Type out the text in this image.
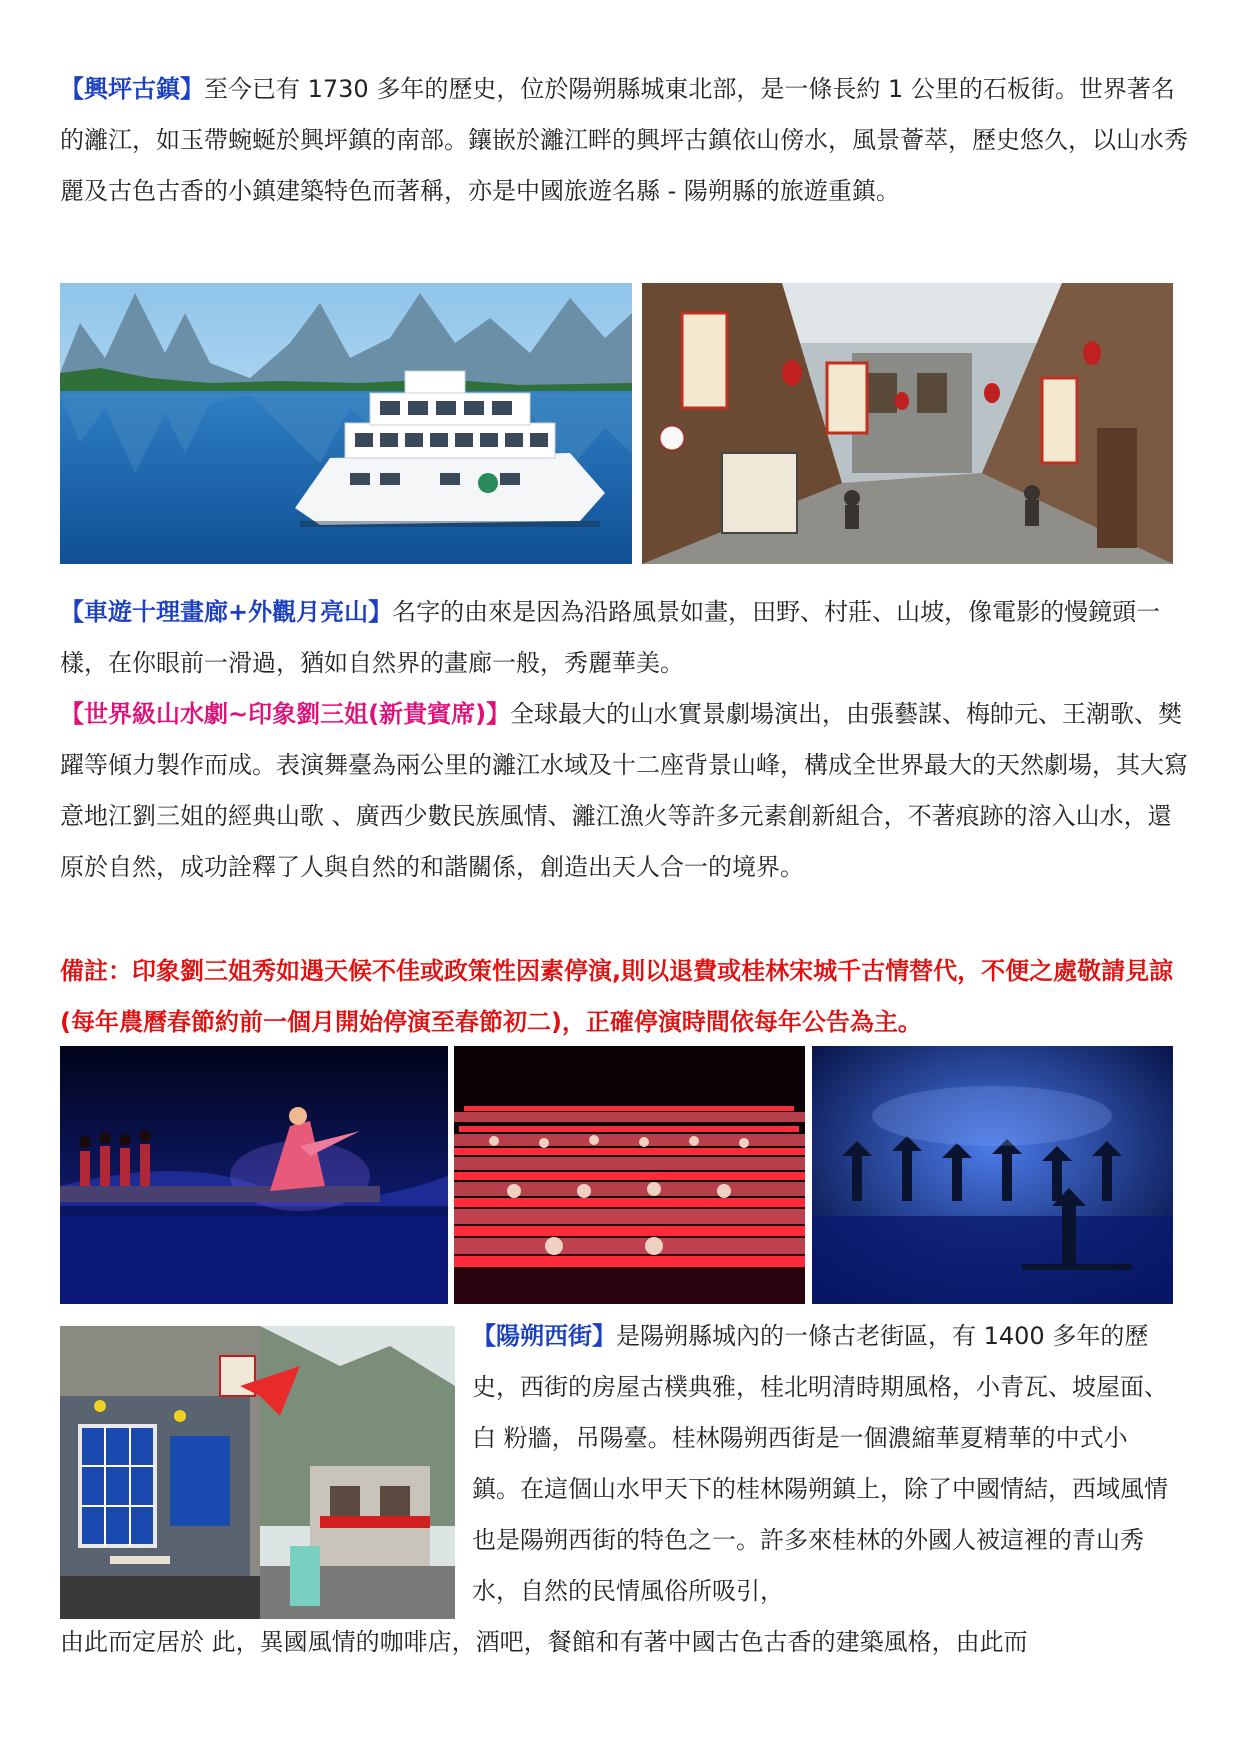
【興坪古鎮】至今已有 1730 多年的歷史，位於陽朔縣城東北部，是一條長約 1 公里的石板街。世界著名的灕江，如玉帶蜿蜒於興坪鎮的南部。鑲嵌於灕江畔的興坪古鎮依山傍水，風景薈萃，歷史悠久，以山水秀麗及古色古香的小鎮建築特色而著稱，亦是中國旅遊名縣 - 陽朔縣的旅遊重鎮。

【車遊十理畫廊+外觀月亮山】名字的由來是因為沿路風景如畫，田野、村莊、山坡，像電影的慢鏡頭一樣，在你眼前一滑過，猶如自然界的畫廊一般，秀麗華美。

【世界級山水劇~印象劉三姐(新貴賓席)】全球最大的山水實景劇場演出，由張藝謀、梅帥元、王潮歌、樊躍等傾力製作而成。表演舞臺為兩公里的灕江水域及十二座背景山峰，構成全世界最大的天然劇場，其大寫意地江劉三姐的經典山歌 、廣西少數民族風情、灕江漁火等許多元素創新組合，不著痕跡的溶入山水，還原於自然，成功詮釋了人與自然的和諧關係，創造出天人合一的境界。

備註：印象劉三姐秀如遇天候不佳或政策性因素停演,則以退費或桂林宋城千古情替代，不便之處敬請見諒(每年農曆春節約前一個月開始停演至春節初二)，正確停演時間依每年公告為主。

【陽朔西街】是陽朔縣城內的一條古老街區，有 1400 多年的歷史，西街的房屋古樸典雅，桂北明清時期風格，小青瓦、坡屋面、白 粉牆，吊陽臺。桂林陽朔西街是一個濃縮華夏精華的中式小鎮。在這個山水甲天下的桂林陽朔鎮上，除了中國情結，西域風情也是陽朔西街的特色之一。許多來桂林的外國人被這裡的青山秀水，自然的民情風俗所吸引，

由此而定居於 此，異國風情的咖啡店，酒吧，餐館和有著中國古色古香的建築風格，由此而
